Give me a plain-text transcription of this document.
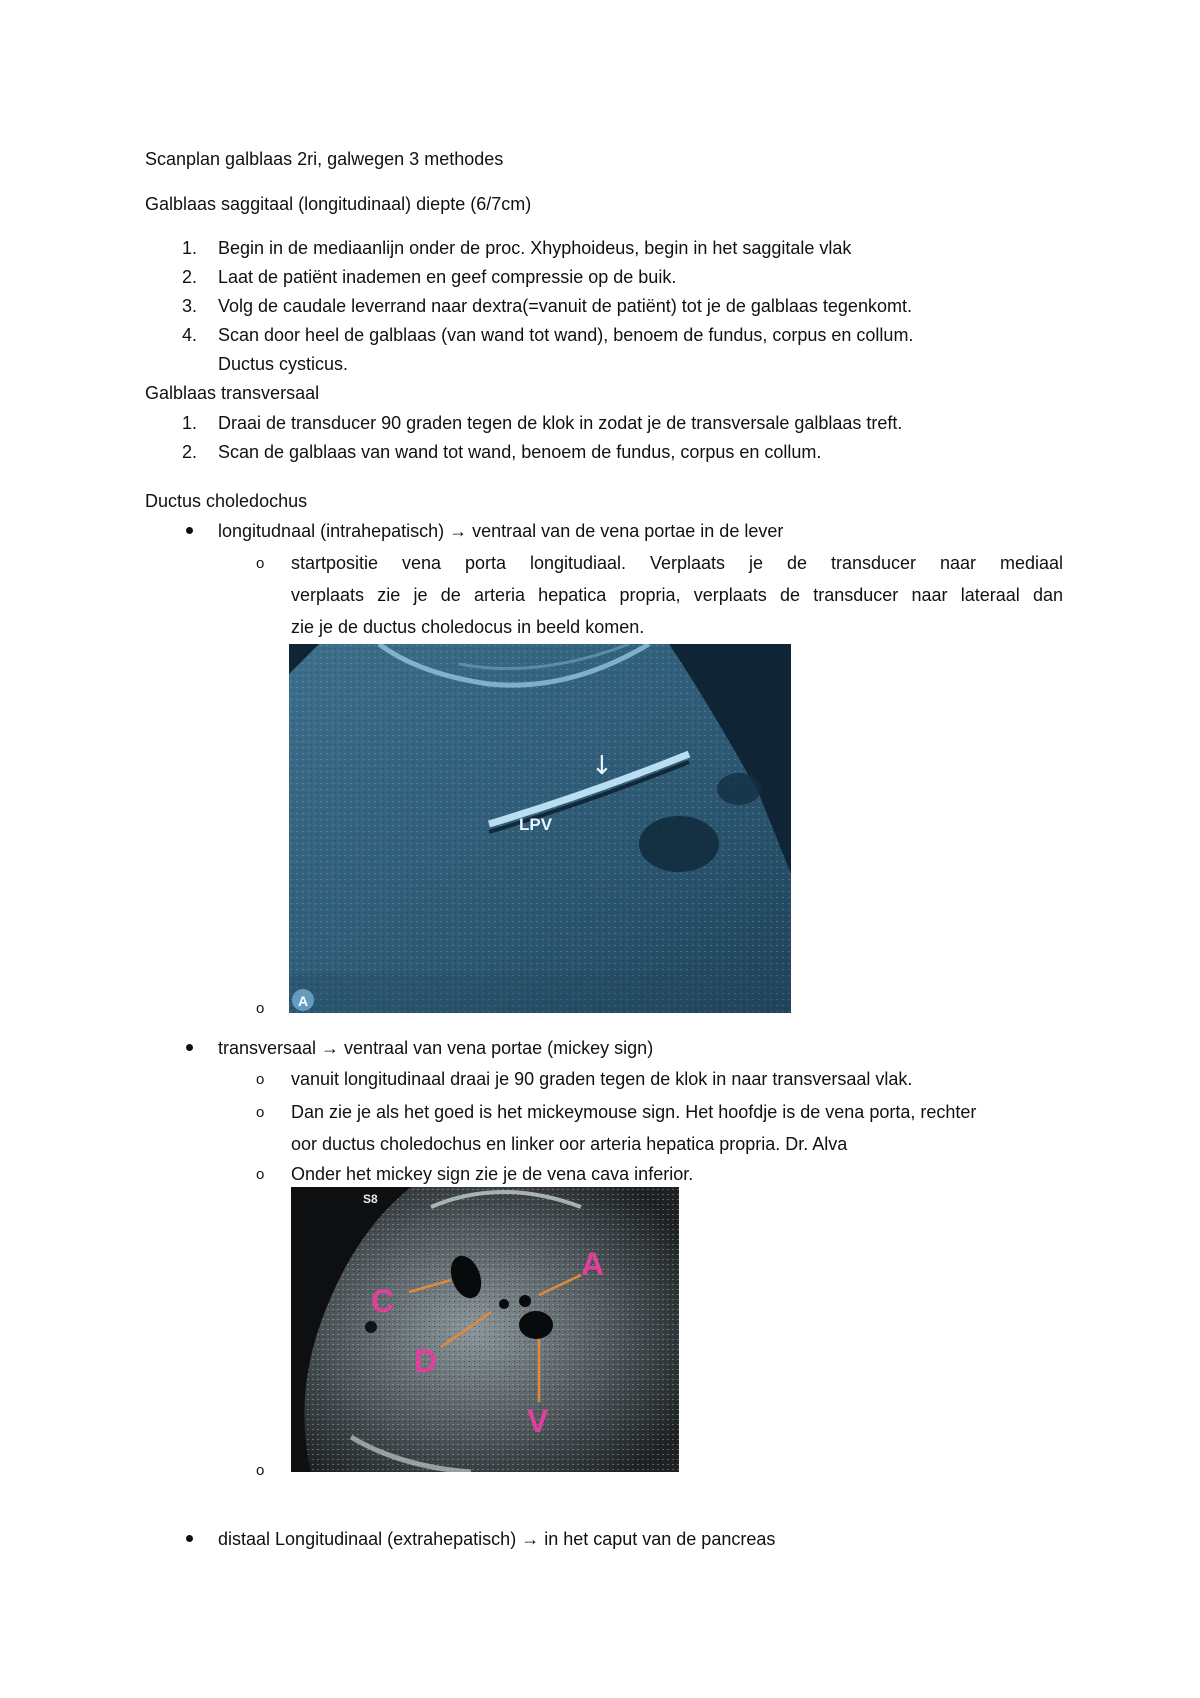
Scanplan galblaas 2ri, galwegen 3 methodes
Galblaas saggitaal (longitudinaal) diepte (6/7cm)
1. Begin in de mediaanlijn onder de proc. Xhyphoideus, begin in het saggitale vlak
2. Laat de patiënt inademen en geef compressie op de buik.
3. Volg de caudale leverrand naar dextra(=vanuit de patiënt) tot je de galblaas tegenkomt.
4. Scan door heel de galblaas (van wand tot wand), benoem de fundus, corpus en collum.
Ductus cysticus.
Galblaas transversaal
1. Draai de transducer 90 graden tegen de klok in zodat je de transversale galblaas treft.
2. Scan de galblaas van wand tot wand, benoem de fundus, corpus en collum.
Ductus choledochus
longitudnaal (intrahepatisch) → ventraal van de vena portae in de lever
o startpositie vena porta longitudiaal. Verplaats je de transducer naar mediaal
verplaats zie je de arteria hepatica propria, verplaats de transducer naar lateraal dan
zie je de ductus choledocus in beeld komen.
o
LPV
↓
A
transversaal → ventraal van vena portae (mickey sign)
o vanuit longitudinaal draai je 90 graden tegen de klok in naar transversaal vlak.
o Dan zie je als het goed is het mickeymouse sign. Het hoofdje is de vena porta, rechter
oor ductus choledochus en linker oor arteria hepatica propria. Dr. Alva
o Onder het mickey sign zie je de vena cava inferior.
o
C
A
D
V
S8
distaal Longitudinaal (extrahepatisch) → in het caput van de pancreas
